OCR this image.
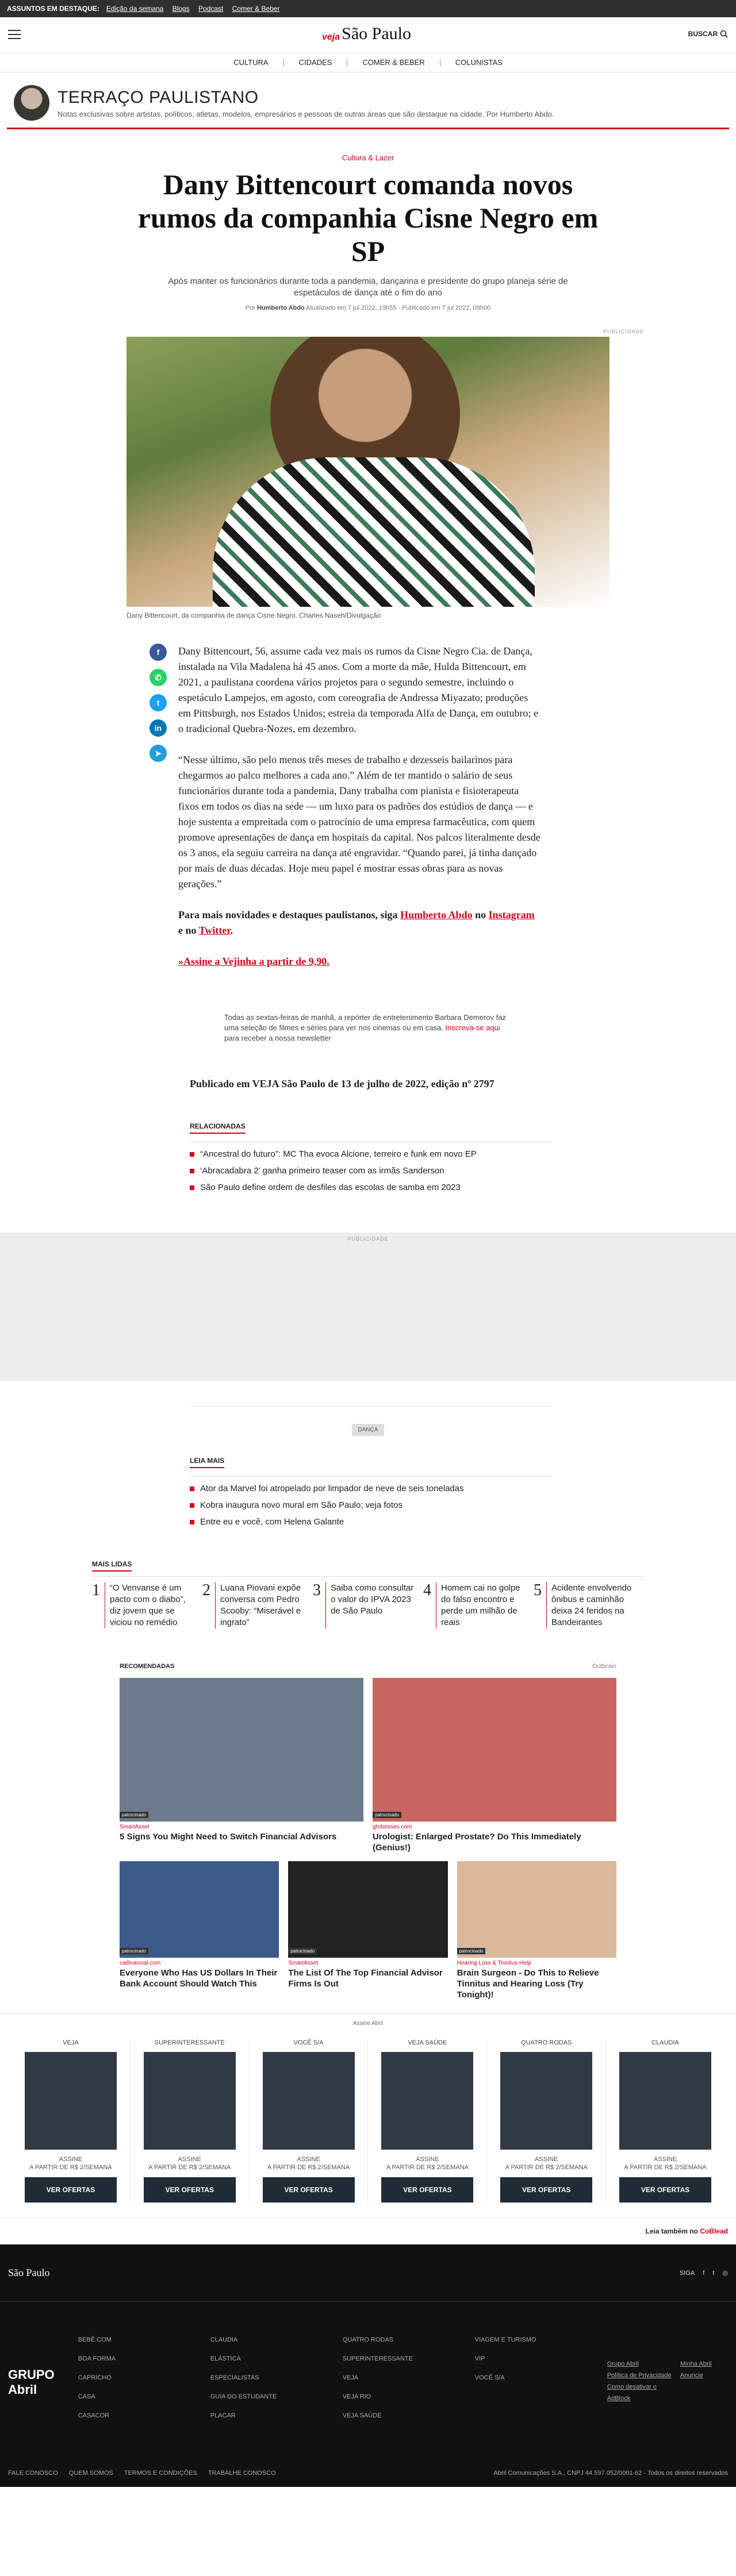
ASSUNTOS EM DESTAQUE: Edição da semana Blogs Podcast Comer & Beber
veja São Paulo	BUSCAR
CULTURA	CIDADES	COMER & BEBER	COLUNISTAS
TERRAÇO PAULISTANO
Notas exclusivas sobre artistas, políticos, atletas, modelos, empresários e pessoas de outras áreas que são destaque na cidade. Por Humberto Abdo.
Cultura & Lazer
Dany Bittencourt comanda novos rumos da companhia Cisne Negro em SP
Após manter os funcionários durante toda a pandemia, dançarina e presidente do grupo planeja série de espetáculos de dança até o fim do ano
Por Humberto Abdo Atualizado em 7 jul 2022, 19h55 - Publicado em 7 jul 2022, 09h00
PUBLICIDADE
Dany Bittencourt, da companhia de dança Cisne Negro. Charles Naseh/Divulgação
f
✆
t
in
➤

Dany Bittencourt, 56, assume cada vez mais os rumos da Cisne Negro Cia. de Dança, instalada na Vila Madalena há 45 anos. Com a morte da mãe, Hulda Bittencourt, em 2021, a paulistana coordena vários projetos para o segundo semestre, incluindo o espetáculo Lampejos, em agosto, com coreografia de Andressa Miyazato; produções em Pittsburgh, nos Estados Unidos; estreia da temporada Alfa de Dança, em outubro; e o tradicional Quebra-Nozes, em dezembro.

“Nesse último, são pelo menos três meses de trabalho e dezesseis bailarinos para chegarmos ao palco melhores a cada ano.” Além de ter mantido o salário de seus funcionários durante toda a pandemia, Dany trabalha com pianista e fisioterapeuta fixos em todos os dias na sede — um luxo para os padrões dos estúdios de dança — e hoje sustenta a empreitada com o patrocínio de uma empresa farmacêutica, com quem promove apresentações de dança em hospitais da capital. Nos palcos literalmente desde os 3 anos, ela seguiu carreira na dança até engravidar. “Quando parei, já tinha dançado por mais de duas décadas. Hoje meu papel é mostrar essas obras para as novas gerações.”

Para mais novidades e destaques paulistanos, siga Humberto Abdo no Instagram e no Twitter.

»Assine a Vejinha a partir de 9,90.

Todas as sextas-feiras de manhã, a repórter de entretenimento Barbara Demerov faz uma seleção de filmes e séries para ver nos cinemas ou em casa. Inscreva-se aqui para receber a nossa newsletter
Publicado em VEJA São Paulo de 13 de julho de 2022, edição nº 2797
RELACIONADAS
“Ancestral do futuro”: MC Tha evoca Alcione, terreiro e funk em novo EP
‘Abracadabra 2’ ganha primeiro teaser com as irmãs Sanderson
São Paulo define ordem de desfiles das escolas de samba em 2023
PUBLICIDADE
DANÇA
LEIA MAIS
Ator da Marvel foi atropelado por limpador de neve de seis toneladas
Kobra inaugura novo mural em São Paulo; veja fotos
Entre eu e você, com Helena Galante
MAIS LIDAS
1	“O Venvanse é um pacto com o diabo”, diz jovem que se viciou no remédio
2	Luana Piovani expõe conversa com Pedro Scooby: “Miserável e ingrato”
3	Saiba como consultar o valor do IPVA 2023 de São Paulo
4	Homem cai no golpe do falso encontro e perde um milhão de reais
5	Acidente envolvendo ônibus e caminhão deixa 24 feridos na Bandeirantes
RECOMENDADAS	Outbrain
patrocinado
SmartAsset
5 Signs You Might Need to Switch Financial Advisors
patrocinado
gtrdorsses.com
Urologist: Enlarged Prostate? Do This Immediately (Genius!)
patrocinado
caifinancial.com
Everyone Who Has US Dollars In Their Bank Account Should Watch This
patrocinado
SmartAsset
The List Of The Top Financial Advisor Firms Is Out
patrocinado
Hearing Loss & Tinnitus Help
Brain Surgeon - Do This to Relieve Tinnitus and Hearing Loss (Try Tonight)!
Assine Abril
VEJA
ASSINE
A PARTIR DE R$ 2/SEMANA
VER OFERTAS
SUPERINTERESSANTE
ASSINE
A PARTIR DE R$ 2/SEMANA
VER OFERTAS
VOCÊ S/A
ASSINE
A PARTIR DE R$ 2/SEMANA
VER OFERTAS
VEJA SAÚDE
ASSINE
A PARTIR DE R$ 2/SEMANA
VER OFERTAS
QUATRO RODAS
ASSINE
A PARTIR DE R$ 2/SEMANA
VER OFERTAS
CLAUDIA
ASSINE
A PARTIR DE R$ 2/SEMANA
VER OFERTAS
Leia também no CoBlead
São Paulo	SIGA f t ◎
GRUPO Abril
BEBÊ.COM
BOA FORMA
CAPRICHO
CASA
CASACOR
CLAUDIA
ELÁSTICA
ESPECIALISTAS
GUIA DO ESTUDANTE
PLACAR
QUATRO RODAS
SUPERINTERESSANTE
VEJA
VEJA RIO
VEJA SAÚDE
VIAGEM E TURISMO
VIP
VOCÊ S/A
Grupo Abril
Política de Privacidade
Como desativar o AdBlock
Minha Abril
Anuncie
FALE CONOSCO QUEM SOMOS TERMOS E CONDIÇÕES TRABALHE CONOSCO	Abril Comunicações S.A., CNPJ 44.597.052/0001-62 - Todos os direitos reservados
